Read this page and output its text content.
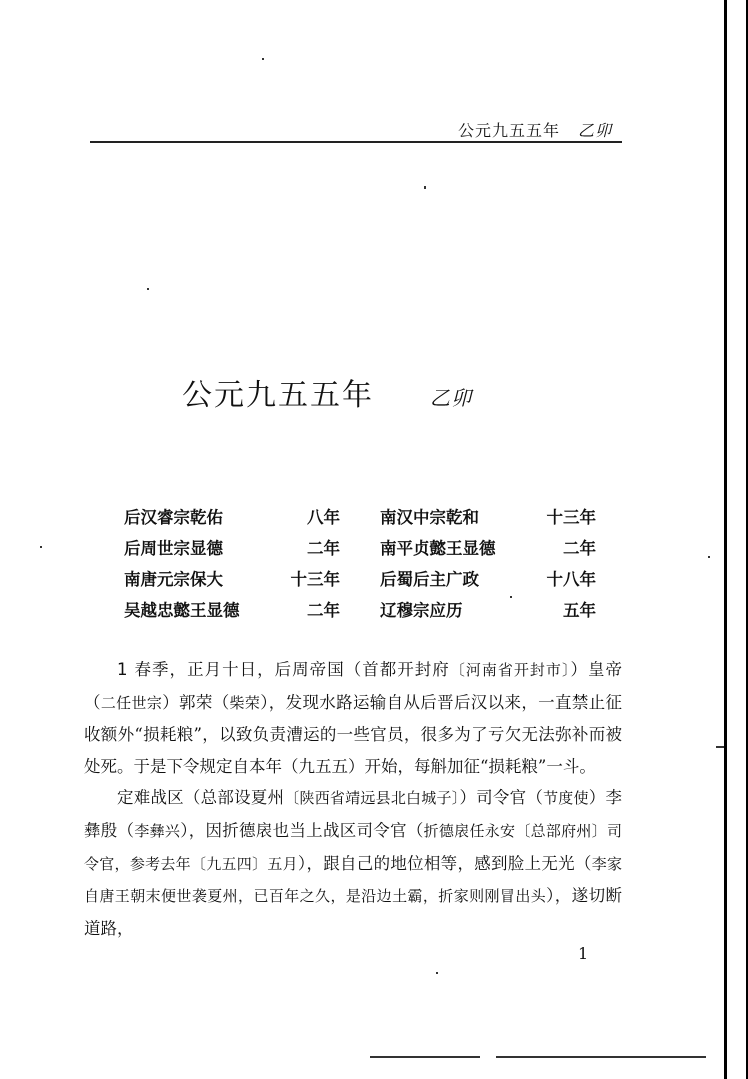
公元九五五年 乙卯
公元九五五年	乙卯
后汉睿宗乾佑	八年 南汉中宗乾和	十三年
后周世宗显德	二年 南平贞懿王显德	二年
南唐元宗保大	十三年 后蜀后主广政	十八年
吴越忠懿王显德	二年 辽穆宗应历	五年

1 春季，正月十日，后周帝国（首都开封府〔河南省开封市〕）皇帝（二任世宗）郭荣（柴荣），发现水路运输自从后晋后汉以来，一直禁止征收额外“损耗粮”，以致负责漕运的一些官员，很多为了亏欠无法弥补而被处死。于是下令规定自本年（九五五）开始，每斛加征“损耗粮”一斗。

定难战区（总部设夏州〔陕西省靖远县北白城子〕）司令官（节度使）李彝殷（李彝兴），因折德扆也当上战区司令官（折德扆任永安〔总部府州〕司令官，参考去年〔九五四〕五月），跟自己的地位相等，感到脸上无光（李家自唐王朝末便世袭夏州，已百年之久，是沿边土霸，折家则刚冒出头），遂切断道路，

1
